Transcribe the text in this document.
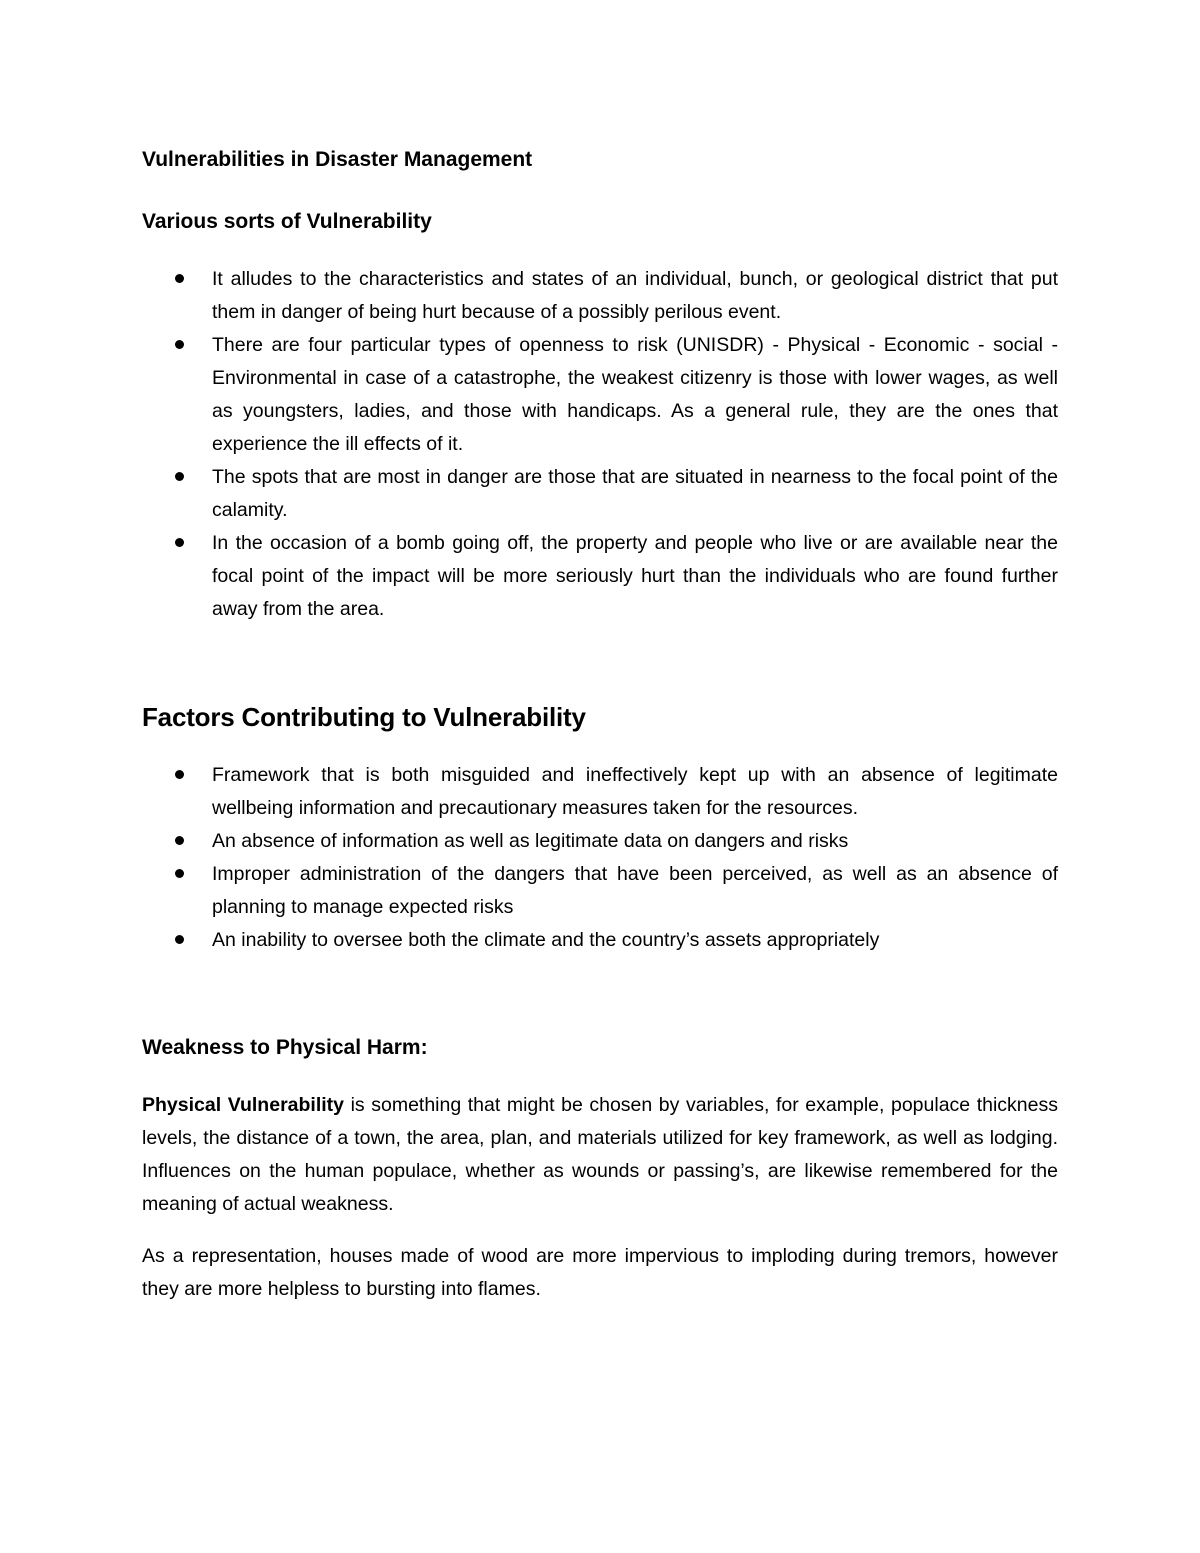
Vulnerabilities in Disaster Management
Various sorts of Vulnerability
It alludes to the characteristics and states of an individual, bunch, or geological district that put them in danger of being hurt because of a possibly perilous event.
There are four particular types of openness to risk (UNISDR) - Physical - Economic - social - Environmental in case of a catastrophe, the weakest citizenry is those with lower wages, as well as youngsters, ladies, and those with handicaps. As a general rule, they are the ones that experience the ill effects of it.
The spots that are most in danger are those that are situated in nearness to the focal point of the calamity.
In the occasion of a bomb going off, the property and people who live or are available near the focal point of the impact will be more seriously hurt than the individuals who are found further away from the area.
Factors Contributing to Vulnerability
Framework that is both misguided and ineffectively kept up with an absence of legitimate wellbeing information and precautionary measures taken for the resources.
An absence of information as well as legitimate data on dangers and risks
Improper administration of the dangers that have been perceived, as well as an absence of planning to manage expected risks
An inability to oversee both the climate and the country’s assets appropriately
Weakness to Physical Harm:

Physical Vulnerability is something that might be chosen by variables, for example, populace thickness levels, the distance of a town, the area, plan, and materials utilized for key framework, as well as lodging. Influences on the human populace, whether as wounds or passing’s, are likewise remembered for the meaning of actual weakness.

As a representation, houses made of wood are more impervious to imploding during tremors, however they are more helpless to bursting into flames.
